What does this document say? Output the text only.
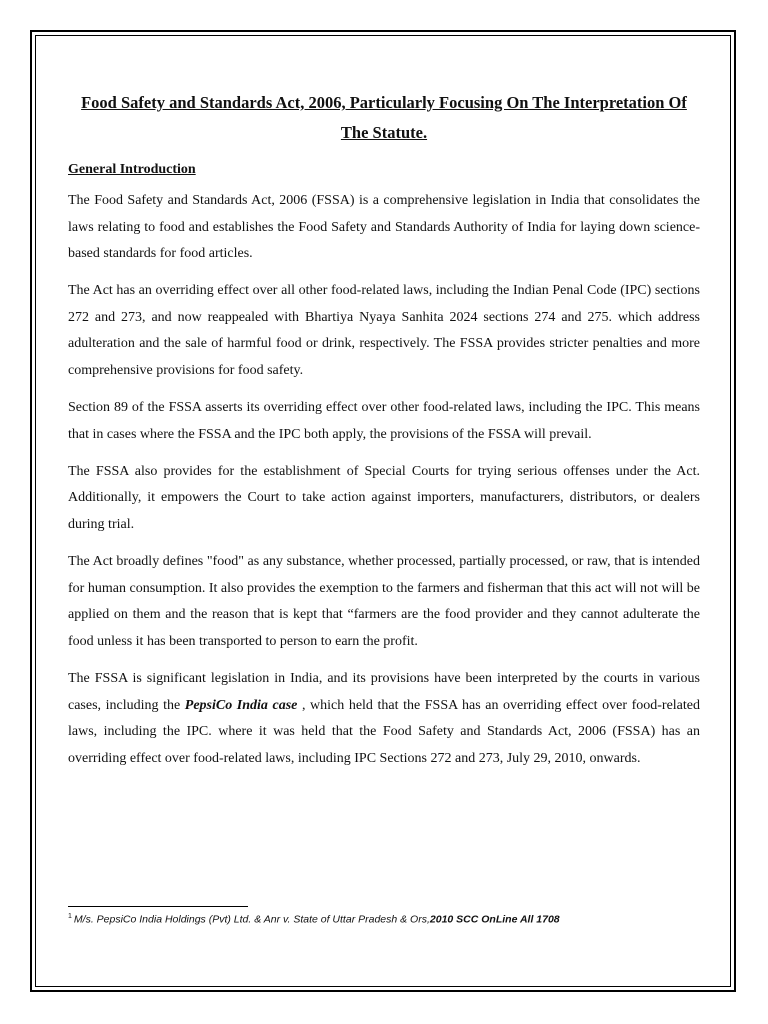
Food Safety and Standards Act, 2006, Particularly Focusing On The Interpretation Of The Statute.
General Introduction

The Food Safety and Standards Act, 2006 (FSSA) is a comprehensive legislation in India that consolidates the laws relating to food and establishes the Food Safety and Standards Authority of India for laying down science-based standards for food articles.

The Act has an overriding effect over all other food-related laws, including the Indian Penal Code (IPC) sections 272 and 273, and now reappealed with Bhartiya Nyaya Sanhita 2024 sections 274 and 275. which address adulteration and the sale of harmful food or drink, respectively. The FSSA provides stricter penalties and more comprehensive provisions for food safety.

Section 89 of the FSSA asserts its overriding effect over other food-related laws, including the IPC. This means that in cases where the FSSA and the IPC both apply, the provisions of the FSSA will prevail.

The FSSA also provides for the establishment of Special Courts for trying serious offenses under the Act. Additionally, it empowers the Court to take action against importers, manufacturers, distributors, or dealers during trial.

The Act broadly defines "food" as any substance, whether processed, partially processed, or raw, that is intended for human consumption. It also provides the exemption to the farmers and fisherman that this act will not will be applied on them and the reason that is kept that “farmers are the food provider and they cannot adulterate the food unless it has been transported to person to earn the profit.

The FSSA is significant legislation in India, and its provisions have been interpreted by the courts in various cases, including the PepsiCo India case , which held that the FSSA has an overriding effect over food-related laws, including the IPC. where it was held that the Food Safety and Standards Act, 2006 (FSSA) has an overriding effect over food-related laws, including IPC Sections 272 and 273, July 29, 2010, onwards.

$^1$ M/s. PepsiCo India Holdings (Pvt) Ltd. & Anr v. State of Uttar Pradesh & Ors,2010 SCC OnLine All 1708
